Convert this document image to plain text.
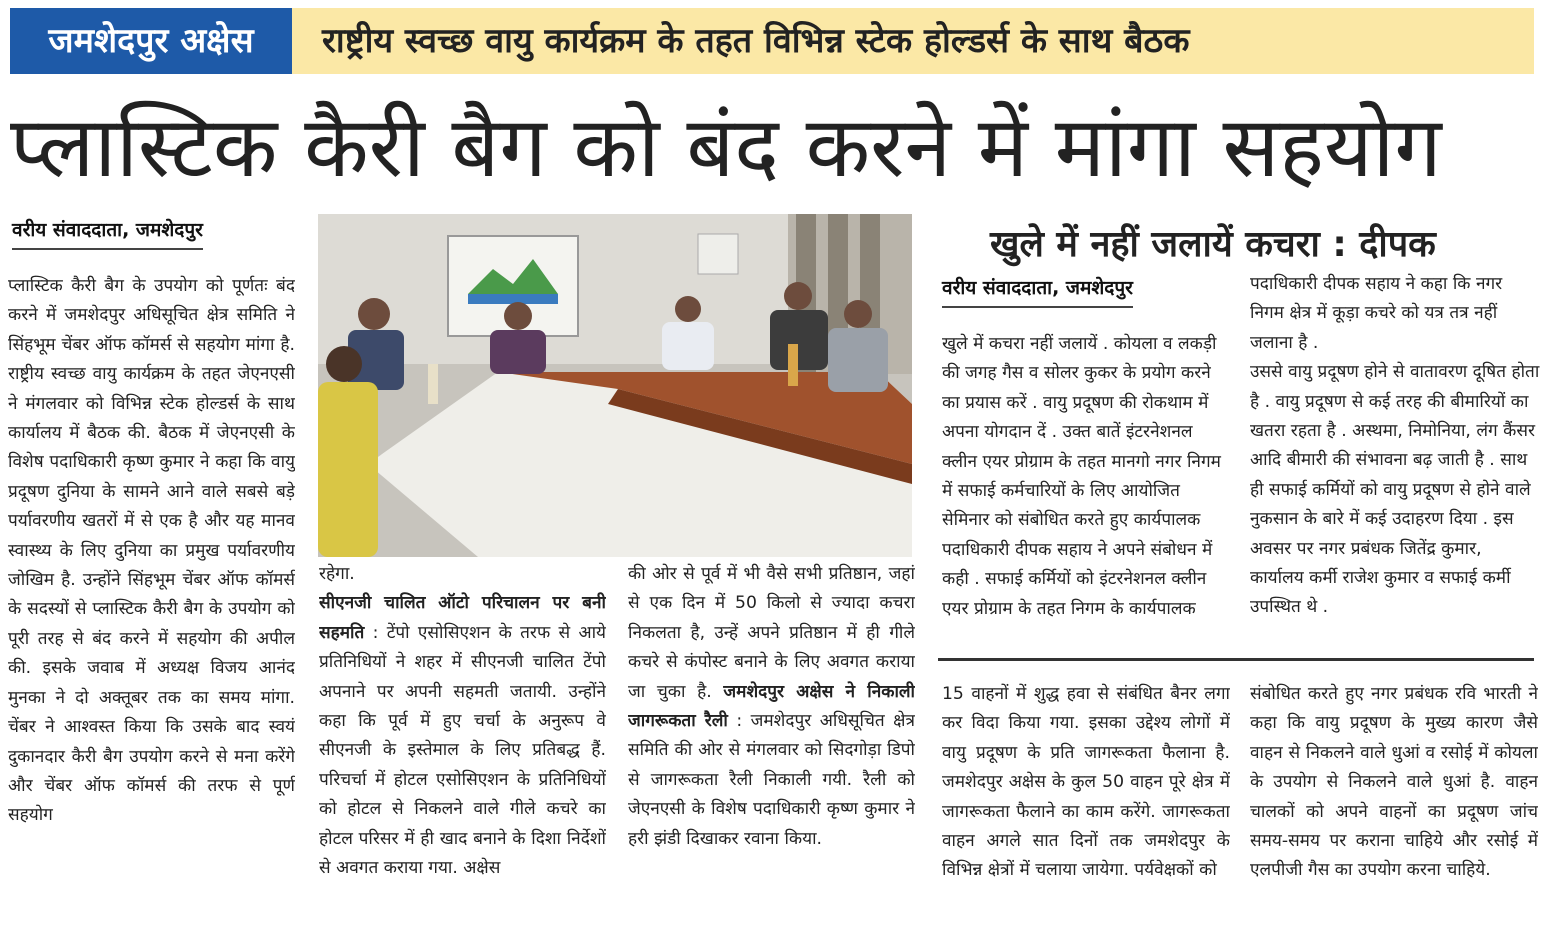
जमशेदपुर अक्षेस	राष्ट्रीय स्वच्छ वायु कार्यक्रम के तहत विभिन्न स्टेक होल्डर्स के साथ बैठक
प्लास्टिक कैरी बैग को बंद करने में मांगा सहयोग
वरीय संवाददाता, जमशेदपुर
प्लास्टिक कैरी बैग के उपयोग को पूर्णतः बंद करने में जमशेदपुर अधिसूचित क्षेत्र समिति ने सिंहभूम चेंबर ऑफ कॉमर्स से सहयोग मांगा है. राष्ट्रीय स्वच्छ वायु कार्यक्रम के तहत जेएनएसी ने मंगलवार को विभिन्न स्टेक होल्डर्स के साथ कार्यालय में बैठक की. बैठक में जेएनएसी के विशेष पदाधिकारी कृष्ण कुमार ने कहा कि वायु प्रदूषण दुनिया के सामने आने वाले सबसे बड़े पर्यावरणीय खतरों में से एक है और यह मानव स्वास्थ्य के लिए दुनिया का प्रमुख पर्यावरणीय जोखिम है. उन्होंने सिंहभूम चेंबर ऑफ कॉमर्स के सदस्यों से प्लास्टिक कैरी बैग के उपयोग को पूरी तरह से बंद करने में सहयोग की अपील की. इसके जवाब में अध्यक्ष विजय आनंद मुनका ने दो अक्तूबर तक का समय मांगा. चेंबर ने आश्वस्त किया कि उसके बाद स्वयं दुकानदार कैरी बैग उपयोग करने से मना करेंगे और चेंबर ऑफ कॉमर्स की तरफ से पूर्ण सहयोग
रहेगा.
सीएनजी चालित ऑटो परिचालन पर बनी सहमति : टेंपो एसोसिएशन के तरफ से आये प्रतिनिधियों ने शहर में सीएनजी चालित टेंपो अपनाने पर अपनी सहमती जतायी. उन्होंने कहा कि पूर्व में हुए चर्चा के अनुरूप वे सीएनजी के इस्तेमाल के लिए प्रतिबद्ध हैं. परिचर्चा में होटल एसोसिएशन के प्रतिनिधियों को होटल से निकलने वाले गीले कचरे का होटल परिसर में ही खाद बनाने के दिशा निर्देशों से अवगत कराया गया. अक्षेस
की ओर से पूर्व में भी वैसे सभी प्रतिष्ठान, जहां से एक दिन में 50 किलो से ज्यादा कचरा निकलता है, उन्हें अपने प्रतिष्ठान में ही गीले कचरे से कंपोस्ट बनाने के लिए अवगत कराया जा चुका है. जमशेदपुर अक्षेस ने निकाली जागरूकता रैली : जमशेदपुर अधिसूचित क्षेत्र समिति की ओर से मंगलवार को सिदगोड़ा डिपो से जागरूकता रैली निकाली गयी. रैली को जेएनएसी के विशेष पदाधिकारी कृष्ण कुमार ने हरी झंडी दिखाकर रवाना किया.
खुले में नहीं जलायें कचरा : दीपक
वरीय संवाददाता, जमशेदपुर
खुले में कचरा नहीं जलायें . कोयला व लकड़ी की जगह गैस व सोलर कुकर के प्रयोग करने का प्रयास करें . वायु प्रदूषण की रोकथाम में अपना योगदान दें . उक्त बातें इंटरनेशनल क्लीन एयर प्रोग्राम के तहत मानगो नगर निगम में सफाई कर्मचारियों के लिए आयोजित सेमिनार को संबोधित करते हुए कार्यपालक पदाधिकारी दीपक सहाय ने अपने संबोधन में कही . सफाई कर्मियों को इंटरनेशनल क्लीन एयर प्रोग्राम के तहत निगम के कार्यपालक
पदाधिकारी दीपक सहाय ने कहा कि नगर निगम क्षेत्र में कूड़ा कचरे को यत्र तत्र नहीं जलाना है .
उससे वायु प्रदूषण होने से वातावरण दूषित होता है . वायु प्रदूषण से कई तरह की बीमारियों का खतरा रहता है . अस्थमा, निमोनिया, लंग कैंसर आदि बीमारी की संभावना बढ़ जाती है . साथ ही सफाई कर्मियों को वायु प्रदूषण से होने वाले नुकसान के बारे में कई उदाहरण दिया . इस अवसर पर नगर प्रबंधक जितेंद्र कुमार, कार्यालय कर्मी राजेश कुमार व सफाई कर्मी उपस्थित थे .
15 वाहनों में शुद्ध हवा से संबंधित बैनर लगा कर विदा किया गया. इसका उद्देश्य लोगों में वायु प्रदूषण के प्रति जागरूकता फैलाना है. जमशेदपुर अक्षेस के कुल 50 वाहन पूरे क्षेत्र में जागरूकता फैलाने का काम करेंगे. जागरूकता वाहन अगले सात दिनों तक जमशेदपुर के विभिन्न क्षेत्रों में चलाया जायेगा. पर्यवेक्षकों को
संबोधित करते हुए नगर प्रबंधक रवि भारती ने कहा कि वायु प्रदूषण के मुख्य कारण जैसे वाहन से निकलने वाले धुआं व रसोई में कोयला के उपयोग से निकलने वाले धुआं है. वाहन चालकों को अपने वाहनों का प्रदूषण जांच समय-समय पर कराना चाहिये और रसोई में एलपीजी गैस का उपयोग करना चाहिये.
